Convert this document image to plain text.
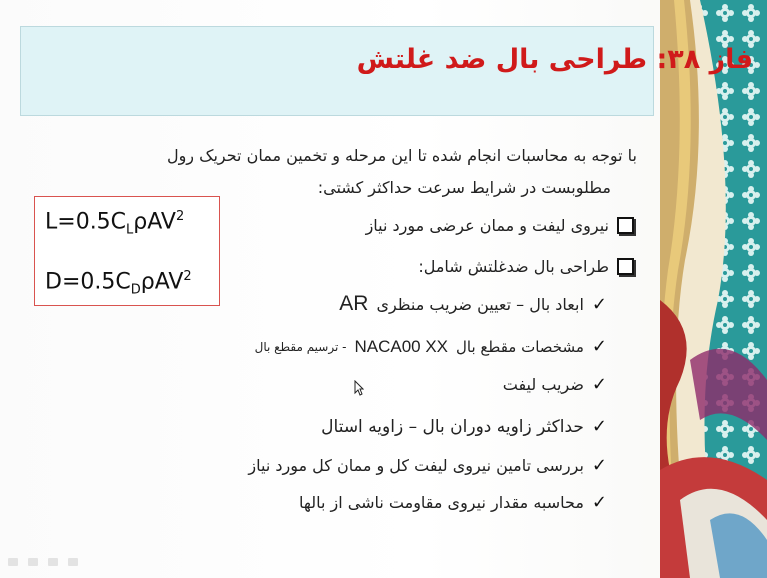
فاز ۳۸: طراحی بال ضد غلتش
با توجه به محاسبات انجام شده تا این مرحله و تخمین ممان تحریک رول
مطلوبست در شرایط سرعت حداکثر کشتی:
$L=0.5C_L\rho AV^2$
$D=0.5C_D\rho AV^2$
نیروی لیفت و ممان عرضی مورد نیاز
طراحی بال ضدغلتش شامل:
✓
ابعاد بال – تعیین ضریب منظری
AR
✓
مشخصات مقطع بال
NACA00 XX
- ترسیم مقطع بال
✓
ضریب لیفت
✓
حداکثر زاویه دوران بال – زاویه استال
✓
بررسی تامین نیروی لیفت کل و ممان کل مورد نیاز
✓
محاسبه مقدار نیروی مقاومت ناشی از بالها
